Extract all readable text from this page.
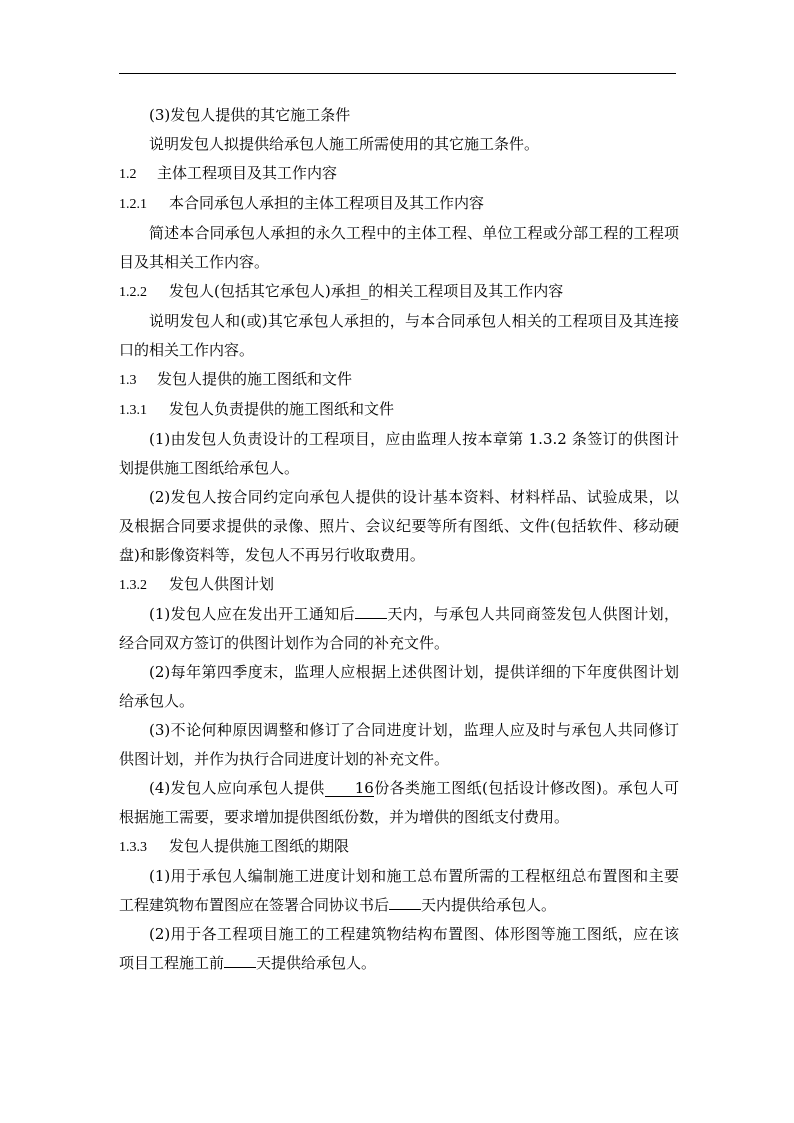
(3)发包人提供的其它施工条件
说明发包人拟提供给承包人施工所需使用的其它施工条件。
1.2 主体工程项目及其工作内容
1.2.1 本合同承包人承担的主体工程项目及其工作内容
简述本合同承包人承担的永久工程中的主体工程、单位工程或分部工程的工程项目及其相关工作内容。
1.2.2 发包人(包括其它承包人)承担_的相关工程项目及其工作内容
说明发包人和(或)其它承包人承担的，与本合同承包人相关的工程项目及其连接口的相关工作内容。
1.3 发包人提供的施工图纸和文件
1.3.1 发包人负责提供的施工图纸和文件
(1)由发包人负责设计的工程项目，应由监理人按本章第 1.3.2 条签订的供图计划提供施工图纸给承包人。
(2)发包人按合同约定向承包人提供的设计基本资料、材料样品、试验成果，以及根据合同要求提供的录像、照片、会议纪要等所有图纸、文件(包括软件、移动硬盘)和影像资料等，发包人不再另行收取费用。
1.3.2 发包人供图计划
(1)发包人应在发出开工通知后 天内，与承包人共同商签发包人供图计划，经合同双方签订的供图计划作为合同的补充文件。
(2)每年第四季度末，监理人应根据上述供图计划，提供详细的下年度供图计划给承包人。
(3)不论何种原因调整和修订了合同进度计划，监理人应及时与承包人共同修订供图计划，并作为执行合同进度计划的补充文件。
(4)发包人应向承包人提供 16份各类施工图纸(包括设计修改图)。承包人可根据施工需要，要求增加提供图纸份数，并为增供的图纸支付费用。
1.3.3 发包人提供施工图纸的期限
(1)用于承包人编制施工进度计划和施工总布置所需的工程枢纽总布置图和主要工程建筑物布置图应在签署合同协议书后 天内提供给承包人。
(2)用于各工程项目施工的工程建筑物结构布置图、体形图等施工图纸，应在该项目工程施工前 天提供给承包人。
